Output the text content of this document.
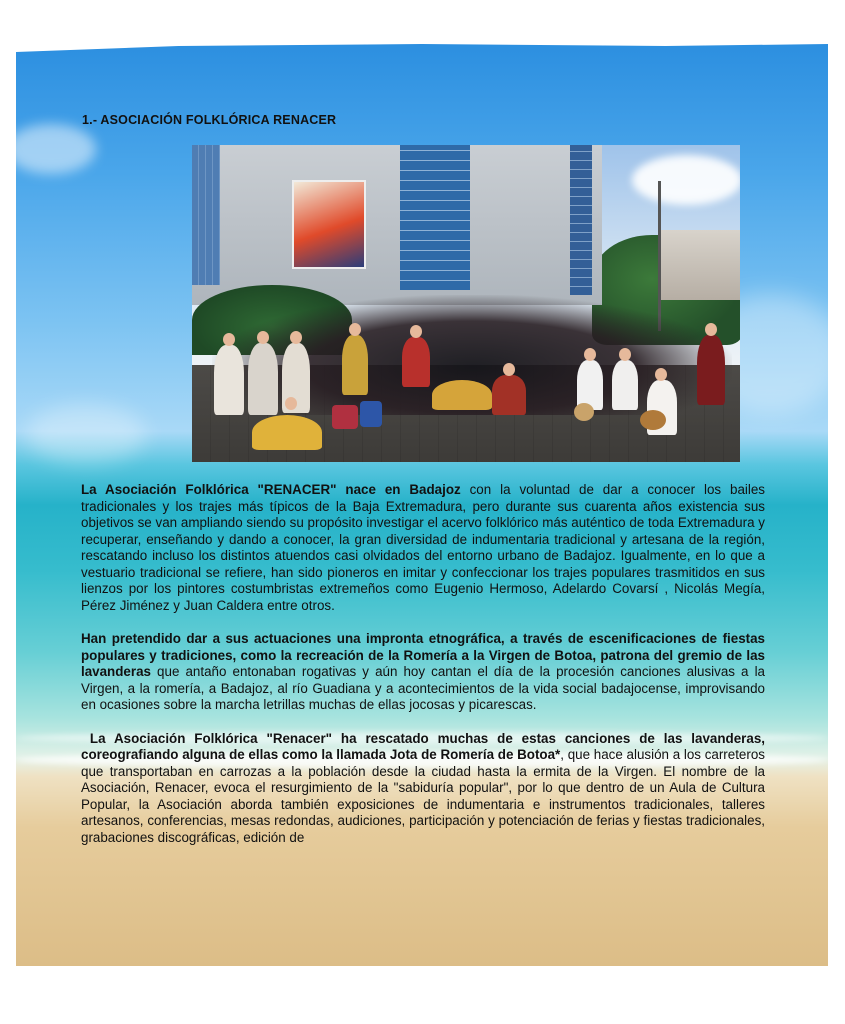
1.- ASOCIACIÓN FOLKLÓRICA RENACER

La Asociación Folklórica "RENACER" nace en Badajoz con la voluntad de dar a conocer los bailes tradicionales y los trajes más típicos de la Baja Extremadura, pero durante sus cuarenta años existencia sus objetivos se van ampliando siendo su propósito investigar el acervo folklórico más auténtico de toda Extremadura y recuperar, enseñando y dando a conocer, la gran diversidad de indumentaria tradicional y artesana de la región, rescatando incluso los distintos atuendos casi olvidados del entorno urbano de Badajoz. Igualmente, en lo que a vestuario tradicional se refiere, han sido pioneros en imitar y confeccionar los trajes populares trasmitidos en sus lienzos por los pintores costumbristas extremeños como Eugenio Hermoso, Adelardo Covarsí , Nicolás Megía, Pérez Jiménez y Juan Caldera entre otros.

Han pretendido dar a sus actuaciones una impronta etnográfica, a través de escenificaciones de fiestas populares y tradiciones, como la recreación de la Romería a la Virgen de Botoa, patrona del gremio de las lavanderas que antaño entonaban rogativas y aún hoy cantan el día de la procesión canciones alusivas a la Virgen, a la romería, a Badajoz, al río Guadiana y a acontecimientos de la vida social badajocense, improvisando en ocasiones sobre la marcha letrillas muchas de ellas jocosas y picarescas.

La Asociación Folklórica "Renacer" ha rescatado muchas de estas canciones de las lavanderas, coreografiando alguna de ellas como la llamada Jota de Romería de Botoa*, que hace alusión a los carreteros que transportaban en carrozas a la población desde la ciudad hasta la ermita de la Virgen. El nombre de la Asociación, Renacer, evoca el resurgimiento de la "sabiduría popular", por lo que dentro de un Aula de Cultura Popular, la Asociación aborda también exposiciones de indumentaria e instrumentos tradicionales, talleres artesanos, conferencias, mesas redondas, audiciones, participación y potenciación de ferias y fiestas tradicionales, grabaciones discográficas, edición de
